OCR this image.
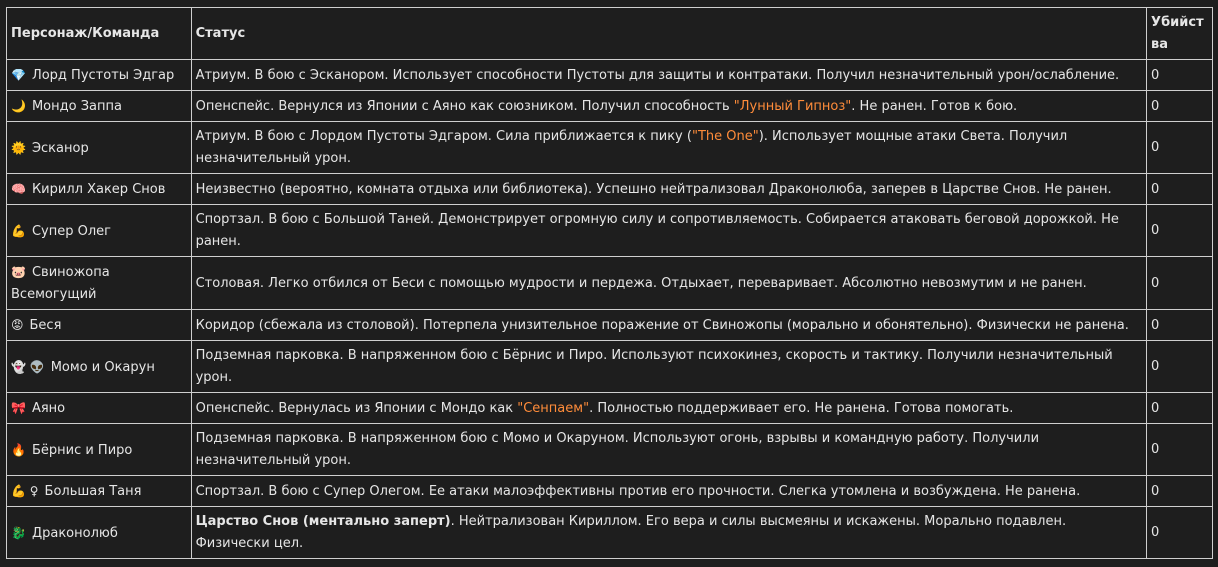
Персонаж/Команда	Статус	Убийства
💎 Лорд Пустоты Эдгар	Атриум. В бою с Эсканором. Использует способности Пустоты для защиты и контратаки. Получил незначительный урон/ослабление.	0
🌙 Мондо Заппа	Опенспейс. Вернулся из Японии с Аяно как союзником. Получил способность "Лунный Гипноз". Не ранен. Готов к бою.	0
🌞 Эсканор	Атриум. В бою с Лордом Пустоты Эдгаром. Сила приближается к пику ("The One"). Использует мощные атаки Света. Получил незначительный урон.	0
🧠 Кирилл Хакер Снов	Неизвестно (вероятно, комната отдыха или библиотека). Успешно нейтрализовал Драконолюба, заперев в Царстве Снов. Не ранен.	0
💪 Супер Олег	Спортзал. В бою с Большой Таней. Демонстрирует огромную силу и сопротивляемость. Собирается атаковать беговой дорожкой. Не ранен.	0
🐷 Свиножопа Всемогущий	Столовая. Легко отбился от Беси с помощью мудрости и пердежа. Отдыхает, переваривает. Абсолютно невозмутим и не ранен.	0
😡 Беся	Коридор (сбежала из столовой). Потерпела унизительное поражение от Свиножопы (морально и обонятельно). Физически не ранена.	0
👻 👽 Момо и Окарун	Подземная парковка. В напряженном бою с Бёрнис и Пиро. Используют психокинез, скорость и тактику. Получили незначительный урон.	0
🎀 Аяно	Опенспейс. Вернулась из Японии с Мондо как "Сенпаем". Полностью поддерживает его. Не ранена. Готова помогать.	0
🔥 Бёрнис и Пиро	Подземная парковка. В напряженном бою с Момо и Окаруном. Используют огонь, взрывы и командную работу. Получили незначительный урон.	0
💪 ♀ Большая Таня	Спортзал. В бою с Супер Олегом. Ее атаки малоэффективны против его прочности. Слегка утомлена и возбуждена. Не ранена.	0
🐉 Драконолюб	Царство Снов (ментально заперт). Нейтрализован Кириллом. Его вера и силы высмеяны и искажены. Морально подавлен. Физически цел.	0
